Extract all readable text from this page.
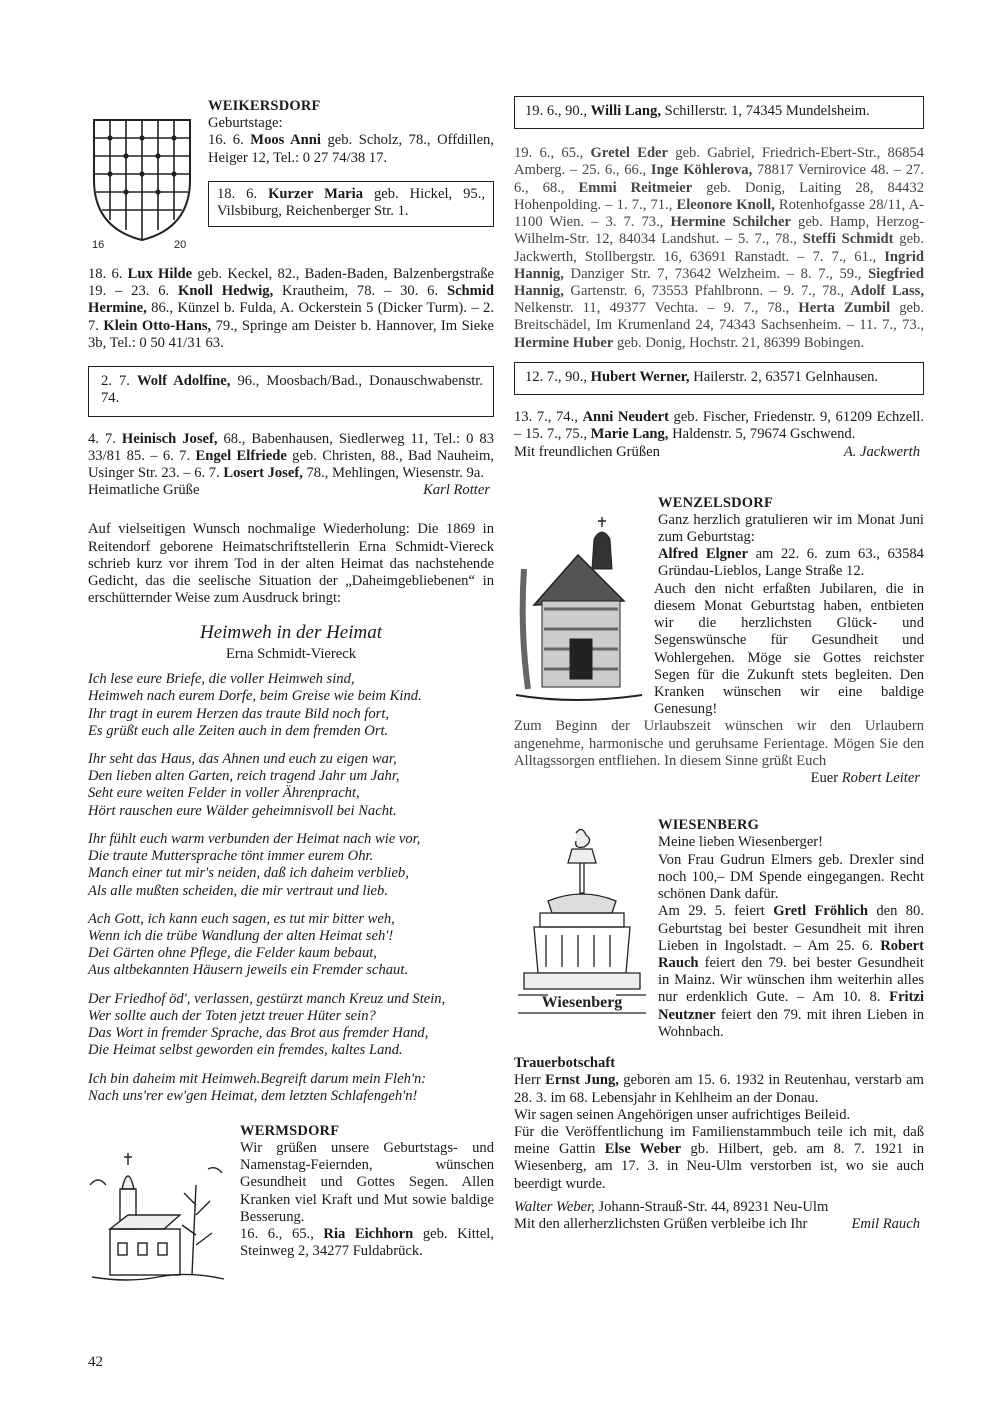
16	20
WEIKERSDORF

Geburtstage:

16. 6. Moos Anni geb. Scholz, 78., Offdillen, Heiger 12, Tel.: 0 27 74/38 17.

18. 6. Kurzer Maria geb. Hickel, 95., Vilsbiburg, Reichenberger Str. 1.

18. 6. Lux Hilde geb. Keckel, 82., Baden-Baden, Balzenbergstraße 19. – 23. 6. Knoll Hedwig, Krautheim, 78. – 30. 6. Schmid Hermine, 86., Künzel b. Fulda, A. Ockerstein 5 (Dicker Turm). – 2. 7. Klein Otto-Hans, 79., Springe am Deister b. Hannover, Im Sieke 3b, Tel.: 0 50 41/31 63.

2. 7. Wolf Adolfine, 96., Moosbach/Bad., Donauschwabenstr. 74.

4. 7. Heinisch Josef, 68., Babenhausen, Siedlerweg 11, Tel.: 0 83 33/81 85. – 6. 7. Engel Elfriede geb. Christen, 88., Bad Nauheim, Usinger Str. 23. – 6. 7. Losert Josef, 78., Mehlingen, Wiesenstr. 9a.

Heimatliche Grüße	Karl Rotter

Auf vielseitigen Wunsch nochmalige Wiederholung: Die 1869 in Reitendorf geborene Heimatschriftstellerin Erna Schmidt-Viereck schrieb kurz vor ihrem Tod in der alten Heimat das nachstehende Gedicht, das die seelische Situation der „Daheimgebliebenen“ in erschütternder Weise zum Ausdruck bringt:

Heimweh in der Heimat
Erna Schmidt-Viereck
Ich lese eure Briefe, die voller Heimweh sind,
Heimweh nach eurem Dorfe, beim Greise wie beim Kind.
Ihr tragt in eurem Herzen das traute Bild noch fort,
Es grüßt euch alle Zeiten auch in dem fremden Ort.
Ihr seht das Haus, das Ahnen und euch zu eigen war,
Den lieben alten Garten, reich tragend Jahr um Jahr,
Seht eure weiten Felder in voller Ährenpracht,
Hört rauschen eure Wälder geheimnisvoll bei Nacht.
Ihr fühlt euch warm verbunden der Heimat nach wie vor,
Die traute Muttersprache tönt immer eurem Ohr.
Manch einer tut mir's neiden, daß ich daheim verblieb,
Als alle mußten scheiden, die mir vertraut und lieb.
Ach Gott, ich kann euch sagen, es tut mir bitter weh,
Wenn ich die trübe Wandlung der alten Heimat seh'!
Dei Gärten ohne Pflege, die Felder kaum bebaut,
Aus altbekannten Häusern jeweils ein Fremder schaut.
Der Friedhof öd', verlassen, gestürzt manch Kreuz und Stein,
Wer sollte auch der Toten jetzt treuer Hüter sein?
Das Wort in fremder Sprache, das Brot aus fremder Hand,
Die Heimat selbst geworden ein fremdes, kaltes Land.
Ich bin daheim mit Heimweh.Begreift darum mein Fleh'n:
Nach uns'rer ew'gen Heimat, dem letzten Schlafengeh'n!
WERMSDORF

Wir grüßen unsere Geburtstags- und Namenstag-Feiernden, wünschen Gesundheit und Gottes Segen. Allen Kranken viel Kraft und Mut sowie baldige Besserung.

16. 6., 65., Ria Eichhorn geb. Kittel, Steinweg 2, 34277 Fuldabrück.

19. 6., 90., Willi Lang, Schillerstr. 1, 74345 Mundelsheim.

19. 6., 65., Gretel Eder geb. Gabriel, Friedrich-Ebert-Str., 86854 Amberg. – 25. 6., 66., Inge Köhlerova, 78817 Vernirovice 48. – 27. 6., 68., Emmi Reitmeier geb. Donig, Laiting 28, 84432 Hohenpolding. – 1. 7., 71., Eleonore Knoll, Rotenhofgasse 28/11, A-1100 Wien. – 3. 7. 73., Hermine Schilcher geb. Hamp, Herzog-Wilhelm-Str. 12, 84034 Landshut. – 5. 7., 78., Steffi Schmidt geb. Jackwerth, Stollbergstr. 16, 63691 Ranstadt. – 7. 7., 61., Ingrid Hannig, Danziger Str. 7, 73642 Welzheim. – 8. 7., 59., Siegfried Hannig, Gartenstr. 6, 73553 Pfahlbronn. – 9. 7., 78., Adolf Lass, Nelkenstr. 11, 49377 Vechta. – 9. 7., 78., Herta Zumbil geb. Breitschädel, Im Krumenland 24, 74343 Sachsenheim. – 11. 7., 73., Hermine Huber geb. Donig, Hochstr. 21, 86399 Bobingen.

12. 7., 90., Hubert Werner, Hailerstr. 2, 63571 Gelnhausen.

13. 7., 74., Anni Neudert geb. Fischer, Friedenstr. 9, 61209 Echzell. – 15. 7., 75., Marie Lang, Haldenstr. 5, 79674 Gschwend.

Mit freundlichen Grüßen	A. Jackwerth
WENZELSDORF

Ganz herzlich gratulieren wir im Monat Juni zum Geburtstag:

Alfred Elgner am 22. 6. zum 63., 63584 Gründau-Lieblos, Lange Straße 12.

Auch den nicht erfaßten Jubilaren, die in diesem Monat Geburtstag haben, entbieten wir die herzlichsten Glück- und Segenswünsche für Gesundheit und Wohlergehen. Möge sie Gottes reichster Segen für die Zukunft stets begleiten. Den Kranken wünschen wir eine baldige Genesung!

Zum Beginn der Urlaubszeit wünschen wir den Urlaubern angenehme, harmonische und geruhsame Ferientage. Mögen Sie den Alltagssorgen entfliehen. In diesem Sinne grüßt Euch

Euer Robert Leiter
Wiesenberg
WIESENBERG

Meine lieben Wiesenberger!

Von Frau Gudrun Elmers geb. Drexler sind noch 100,– DM Spende eingegangen. Recht schönen Dank dafür.

Am 29. 5. feiert Gretl Fröhlich den 80. Geburtstag bei bester Gesundheit mit ihren Lieben in Ingolstadt. – Am 25. 6. Robert Rauch feiert den 79. bei bester Gesundheit in Mainz. Wir wünschen ihm weiterhin alles nur erdenklich Gute. – Am 10. 8. Fritzi Neutzner feiert den 79. mit ihren Lieben in Wohnbach.

Trauerbotschaft

Herr Ernst Jung, geboren am 15. 6. 1932 in Reutenhau, verstarb am 28. 3. im 68. Lebensjahr in Kehlheim an der Donau.

Wir sagen seinen Angehörigen unser aufrichtiges Beileid.

Für die Veröffentlichung im Familienstammbuch teile ich mit, daß meine Gattin Else Weber gb. Hilbert, geb. am 8. 7. 1921 in Wiesenberg, am 17. 3. in Neu-Ulm verstorben ist, wo sie auch beerdigt wurde.

Walter Weber, Johann-Strauß-Str. 44, 89231 Neu-Ulm

Mit den allerherzlichsten Grüßen verbleibe ich Ihr	Emil Rauch
42
